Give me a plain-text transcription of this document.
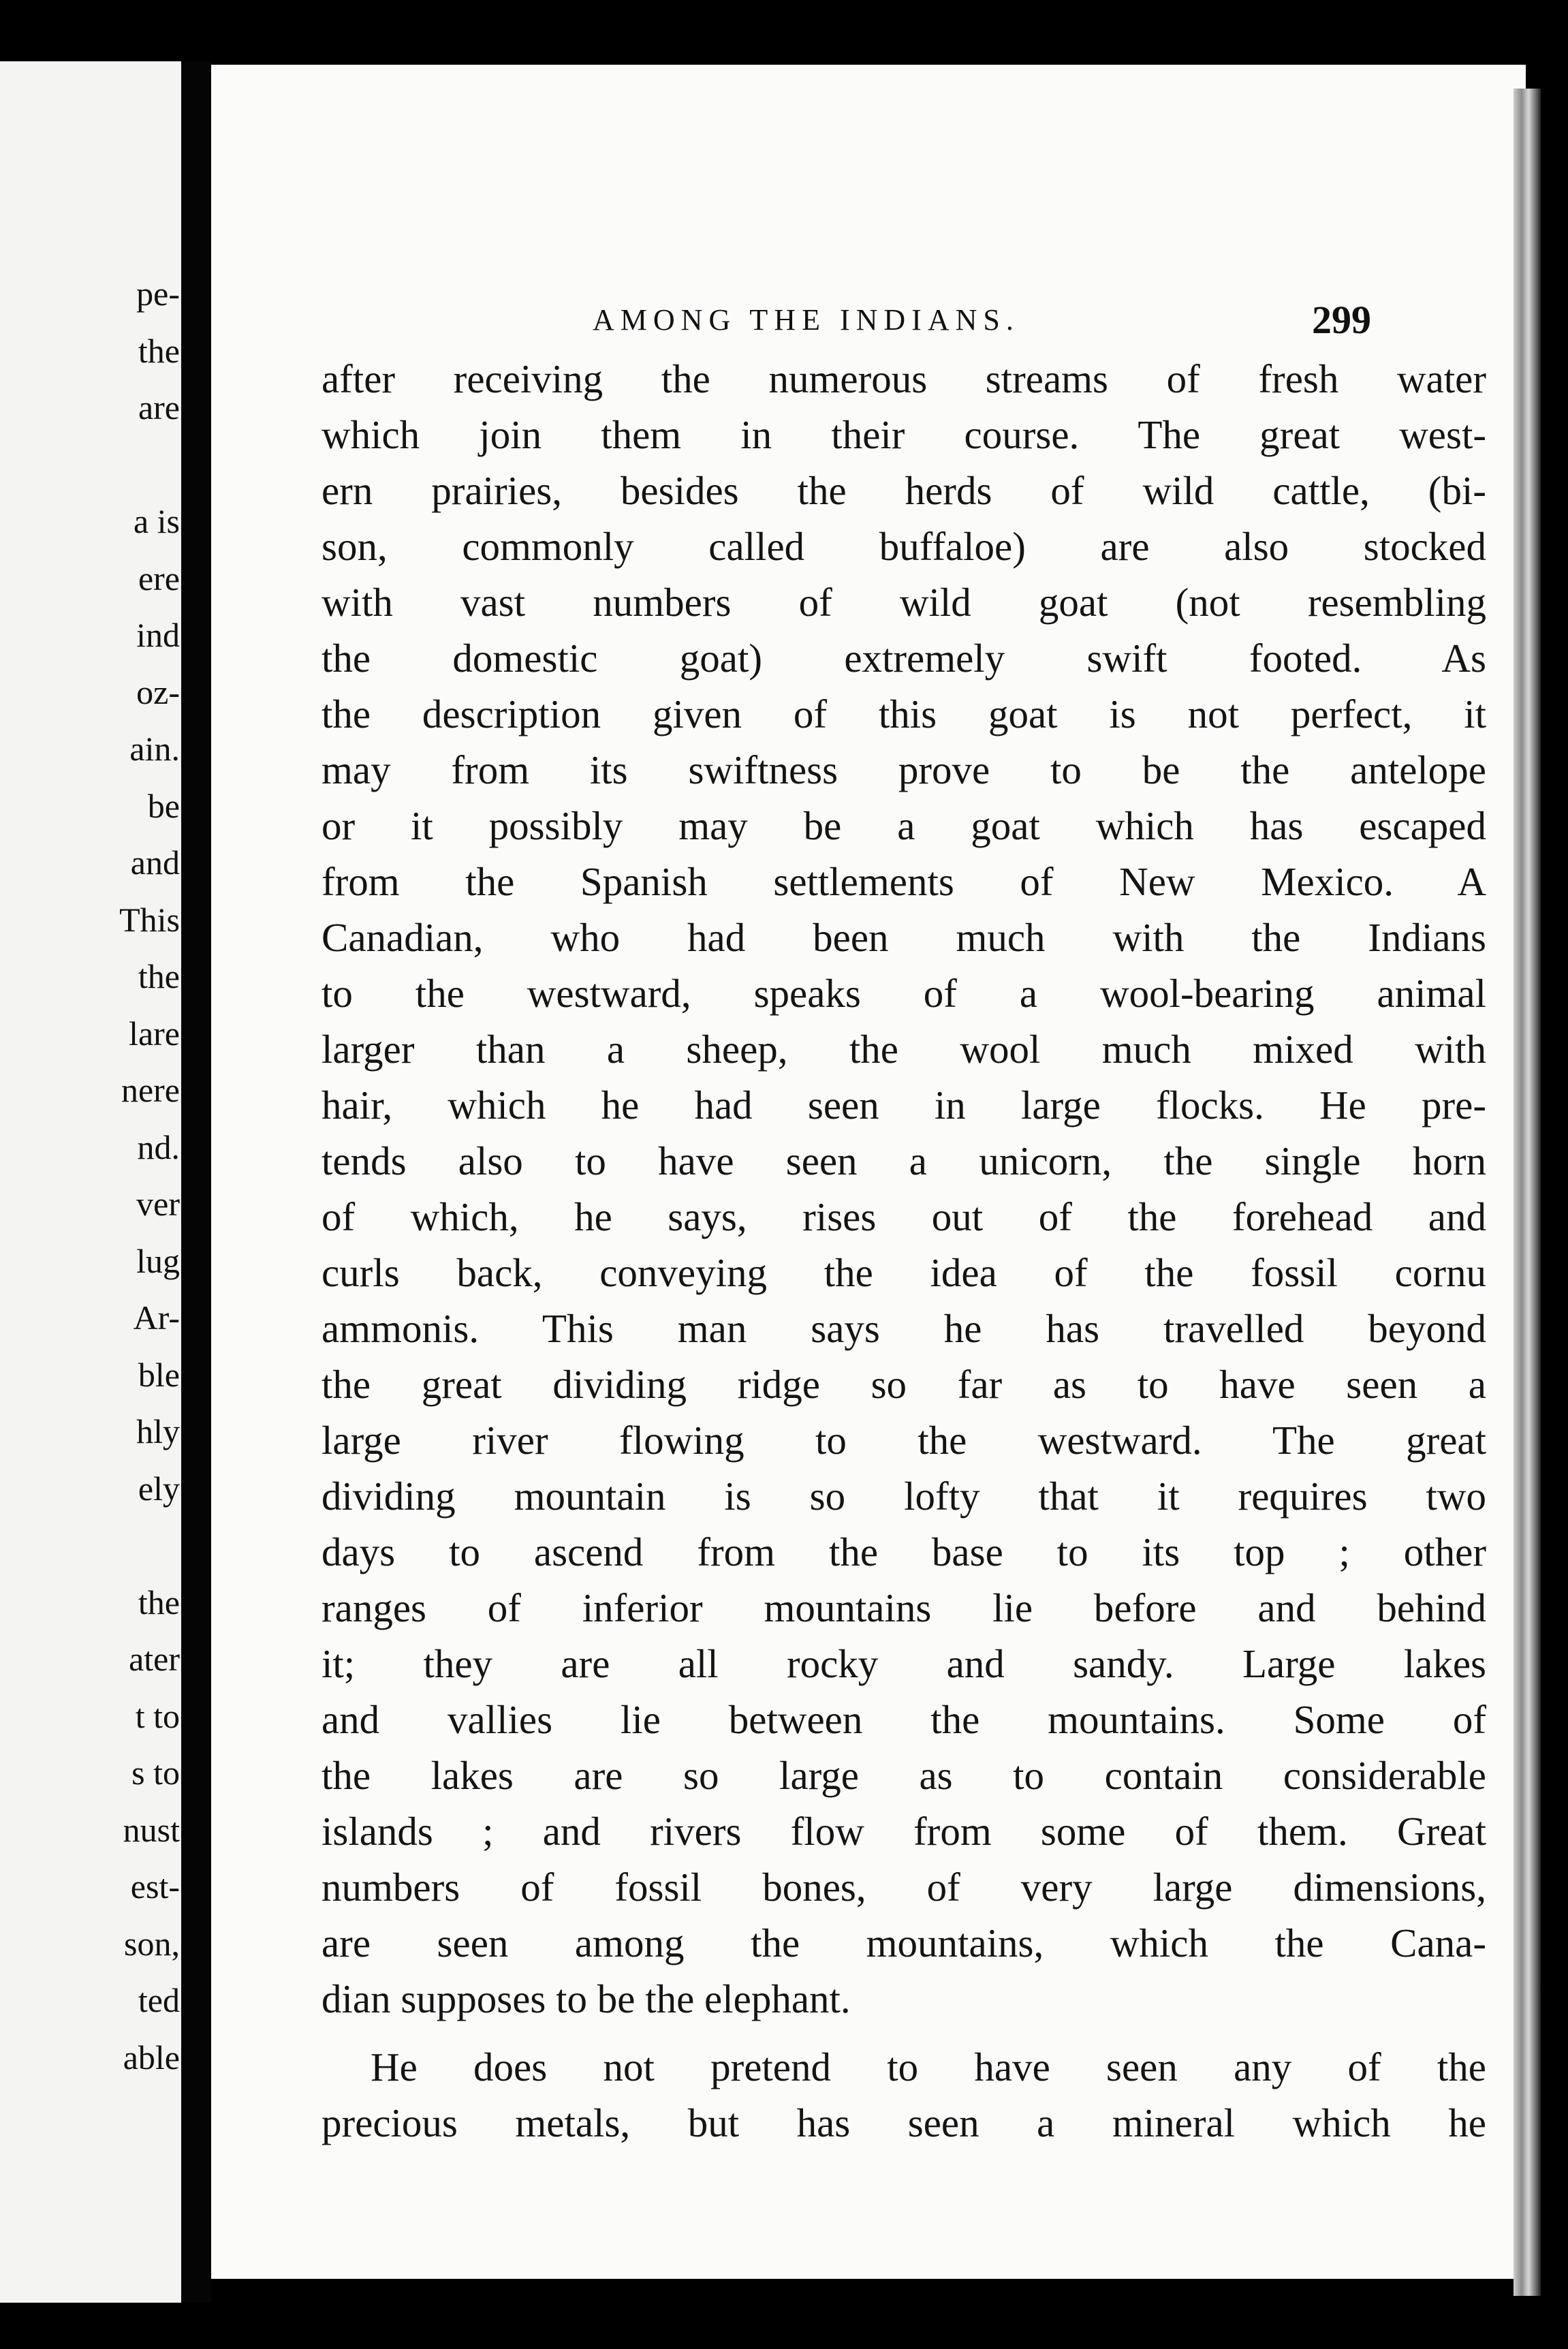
pe-
the
are
a is
ere
ind
oz-
ain.
be
and
This
the
lare
nere
nd.
ver
lug
Ar-
ble
hly
ely
the
ater
t to
s to
nust
est-
son,
ted
able
AMONG THE INDIANS.	299
after receiving the numerous streams of fresh water
which join them in their course. The great west-
ern prairies, besides the herds of wild cattle, (bi-
son, commonly called buffaloe) are also stocked
with vast numbers of wild goat (not resembling
the domestic goat) extremely swift footed. As
the description given of this goat is not perfect, it
may from its swiftness prove to be the antelope
or it possibly may be a goat which has escaped
from the Spanish settlements of New Mexico. A
Canadian, who had been much with the Indians
to the westward, speaks of a wool-bearing animal
larger than a sheep, the wool much mixed with
hair, which he had seen in large flocks. He pre-
tends also to have seen a unicorn, the single horn
of which, he says, rises out of the forehead and
curls back, conveying the idea of the fossil cornu
ammonis. This man says he has travelled beyond
the great dividing ridge so far as to have seen a
large river flowing to the westward. The great
dividing mountain is so lofty that it requires two
days to ascend from the base to its top ; other
ranges of inferior mountains lie before and behind
it; they are all rocky and sandy. Large lakes
and vallies lie between the mountains. Some of
the lakes are so large as to contain considerable
islands ; and rivers flow from some of them. Great
numbers of fossil bones, of very large dimensions,
are seen among the mountains, which the Cana-
dian supposes to be the elephant.
He does not pretend to have seen any of the
precious metals, but has seen a mineral which he
